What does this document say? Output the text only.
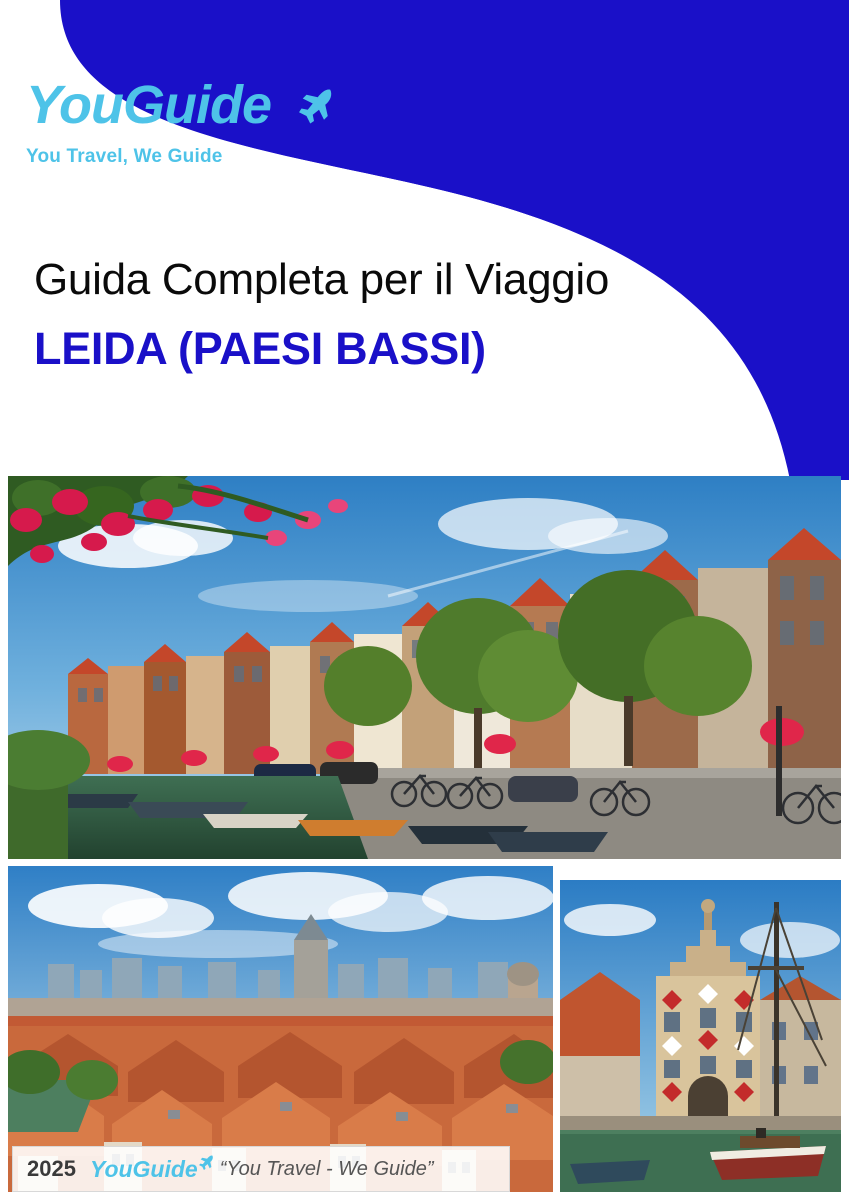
YouGuide
You Travel, We Guide
Guida Completa per il Viaggio
LEIDA (PAESI BASSI)
2025 YouGuide “You Travel - We Guide”
